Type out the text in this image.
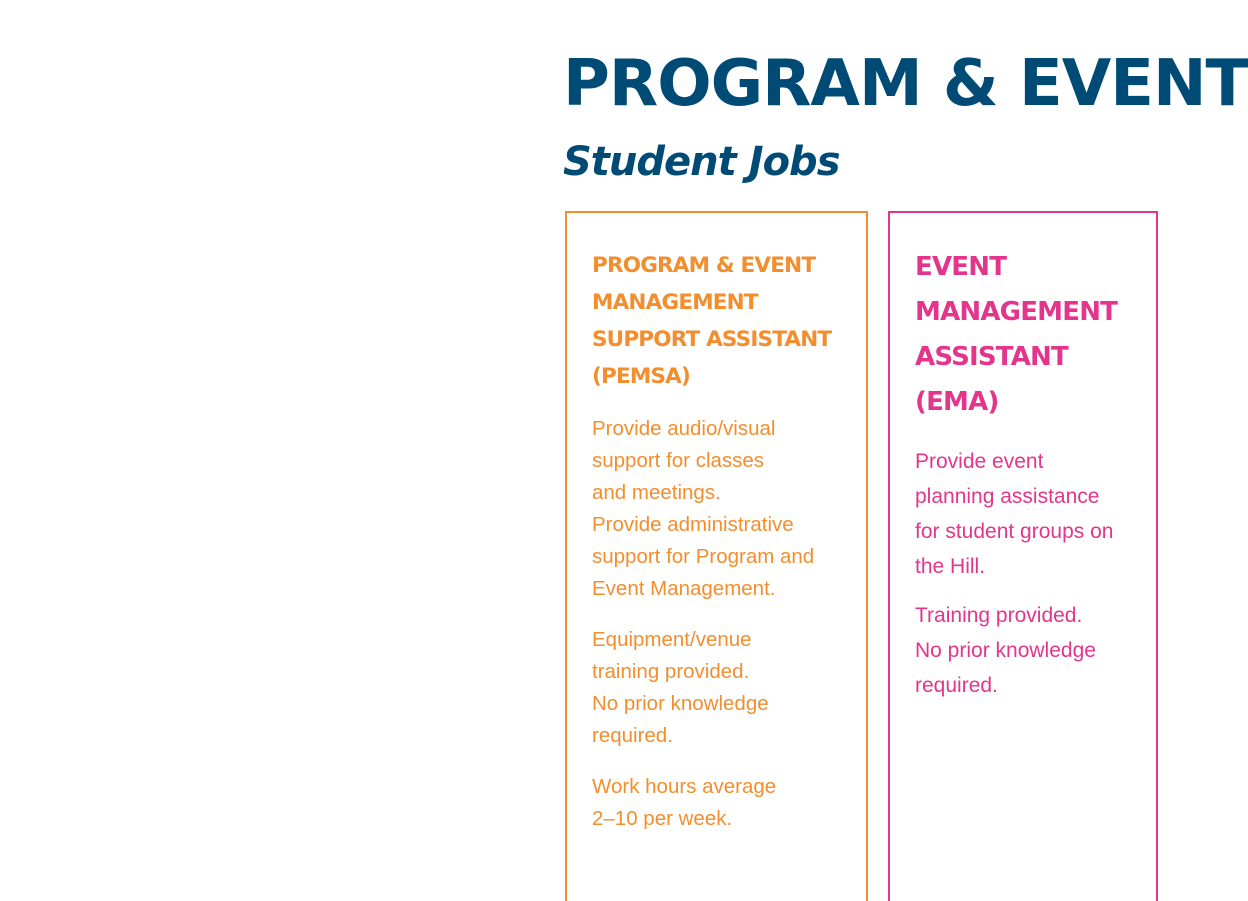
PROGRAM & EVENT
Student Jobs
PROGRAM & EVENT
MANAGEMENT
SUPPORT ASSISTANT
(PEMSA)

Provide audio/visual
support for classes
and meetings.
Provide administrative
support for Program and
Event Management.

Equipment/venue
training provided.
No prior knowledge
required.

Work hours average
2–10 per week.

EVENT
MANAGEMENT
ASSISTANT
(EMA)

Provide event
planning assistance
for student groups on
the Hill.

Training provided.
No prior knowledge
required.
